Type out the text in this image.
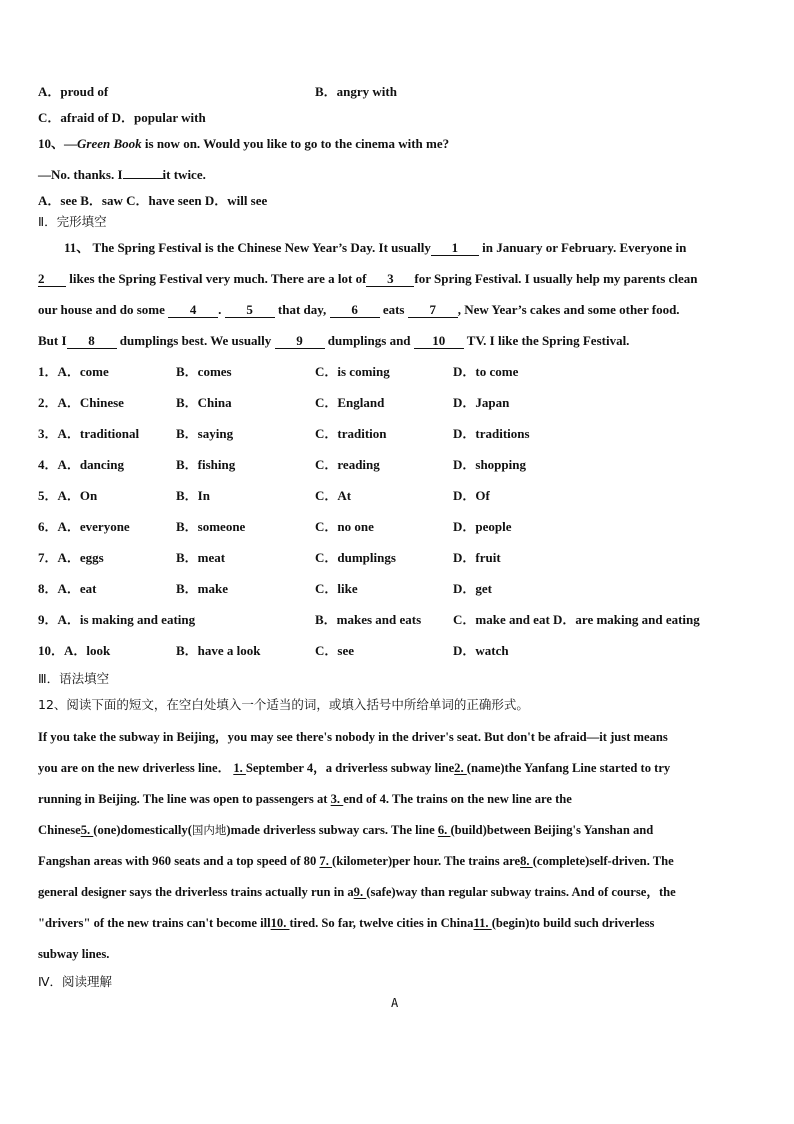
A．proud of	B．angry with
C．afraid of D．popular with
10、—Green Book is now on. Would you like to go to the cinema with me?
—No. thanks. I	it twice.
A．see B．saw C．have seen D．will see
Ⅱ．完形填空
11、 The Spring Festival is the Chinese New Year’s Day. It usually 1 in January or February. Everyone in
2 likes the Spring Festival very much. There are a lot of 3 for Spring Festival. I usually help my parents clean
our house and do some 4 . 5 that day, 6 eats 7 , New Year’s cakes and some other food.
But I 8 dumplings best. We usually 9 dumplings and 10 TV. I like the Spring Festival.
1．A．come	B．comes	C．is coming	D．to come
2．A．Chinese	B．China	C．England	D．Japan
3．A．traditional	B．saying	C．tradition	D．traditions
4．A．dancing	B．fishing	C．reading	D．shopping
5．A．On	B．In	C．At	D．Of
6．A．everyone	B．someone	C．no one	D．people
7．A．eggs	B．meat	C．dumplings	D．fruit
8．A．eat	B．make	C．like	D．get
9．A．is making and eating	B．makes and eats C．make and eat D．are making and eating
10．A．look	B．have a look	C．see	D．watch
Ⅲ．语法填空
12、阅读下面的短文，在空白处填入一个适当的词，或填入括号中所给单词的正确形式。
If you take the subway in Beijing，you may see there's nobody in the driver's seat. But don't be afraid—it just means
you are on the new driverless line． 1. September 4，a driverless subway line2. (name)the Yanfang Line started to try
running in Beijing. The line was open to passengers at 3. end of 4. The trains on the new line are the
Chinese5. (one)domestically(国内地)made driverless subway cars. The line 6. (build)between Beijing's Yanshan and
Fangshan areas with 960 seats and a top speed of 80 7. (kilometer)per hour. The trains are8. (complete)self-driven. The
general designer says the driverless trains actually run in a9. (safe)way than regular subway trains. And of course，the
"drivers" of the new trains can't become ill10. tired. So far, twelve cities in China11. (begin)to build such driverless
subway lines.
Ⅳ．阅读理解
A
